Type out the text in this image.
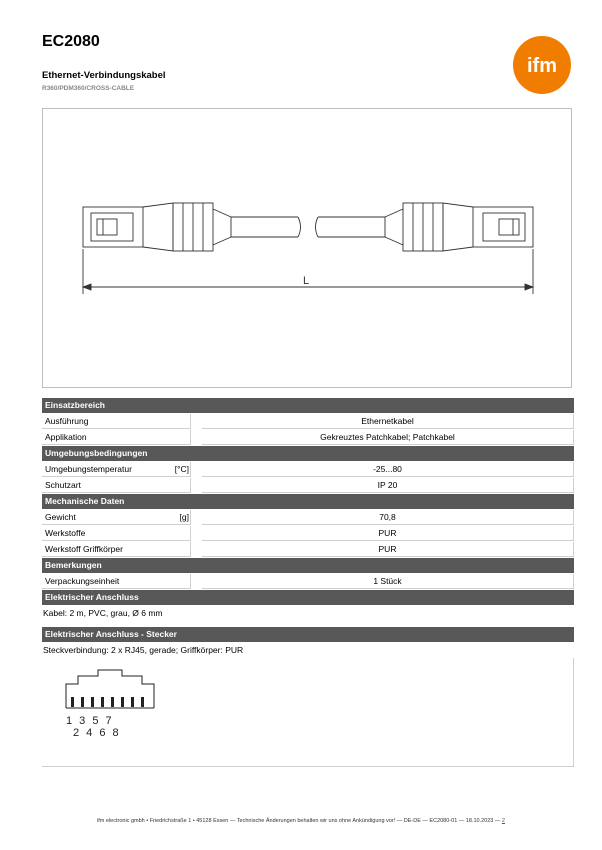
EC2080
Ethernet-Verbindungskabel
R360/PDM360/CROSS-CABLE
ifm
L
Einsatzbereich
Ausführung	Ethernetkabel
Applikation	Gekreuztes Patchkabel; Patchkabel
Umgebungsbedingungen
Umgebungstemperatur	[°C]	-25...80
Schutzart	IP 20
Mechanische Daten
Gewicht	[g]	70,8
Werkstoffe	PUR
Werkstoff Griffkörper	PUR
Bemerkungen
Verpackungseinheit	1 Stück
Elektrischer Anschluss
Kabel: 2 m, PVC, grau, Ø 6 mm
Elektrischer Anschluss - Stecker
Steckverbindung: 2 x RJ45, gerade; Griffkörper: PUR
1 3 5 7
2 4 6 8
ifm electronic gmbh • Friedrichstraße 1 • 45128 Essen — Technische Änderungen behalten wir uns ohne Ankündigung vor! — DE-DE — EC2080-01 — 18.10.2023 — 2
